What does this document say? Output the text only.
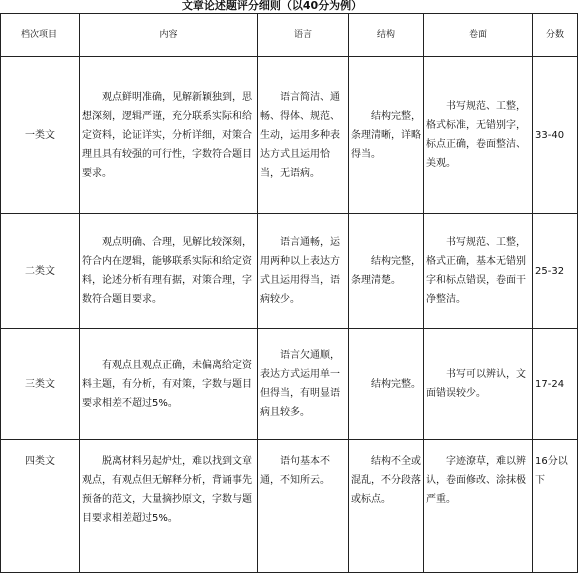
文章论述题评分细则（以40分为例）
档次项目	内容	语言	结构	卷面	分数
一类文	观点鲜明准确，见解新颖独到，思想深刻，逻辑严谨，充分联系实际和给定资料，论证详实，分析详细，对策合理且具有较强的可行性，字数符合题目要求。	语言简洁、通畅、得体、规范、生动，运用多种表达方式且运用恰当，无语病。	结构完整，条理清晰，详略得当。	书写规范、工整，格式标准，无错别字，标点正确，卷面整洁、美观。	33-40
二类文	观点明确、合理，见解比较深刻，符合内在逻辑，能够联系实际和给定资料，论述分析有理有据，对策合理，字数符合题目要求。	语言通畅，运用两种以上表达方式且运用得当，语病较少。	结构完整，条理清楚。	书写规范、工整，格式正确，基本无错别字和标点错误，卷面干净整洁。	25-32
三类文	有观点且观点正确，未偏离给定资料主题，有分析，有对策，字数与题目要求相差不超过5%。	语言欠通顺，表达方式运用单一但得当，有明显语病且较多。	结构完整。	书写可以辨认，文面错误较少。	17-24
四类文	脱离材料另起炉灶，难以找到文章观点，有观点但无解释分析，背诵事先预备的范文，大量摘抄原文，字数与题目要求相差超过5%。	语句基本不通，不知所云。	结构不全或混乱，不分段落或标点。	字迹潦草，难以辨认，卷面修改、涂抹极严重。	16分以下
